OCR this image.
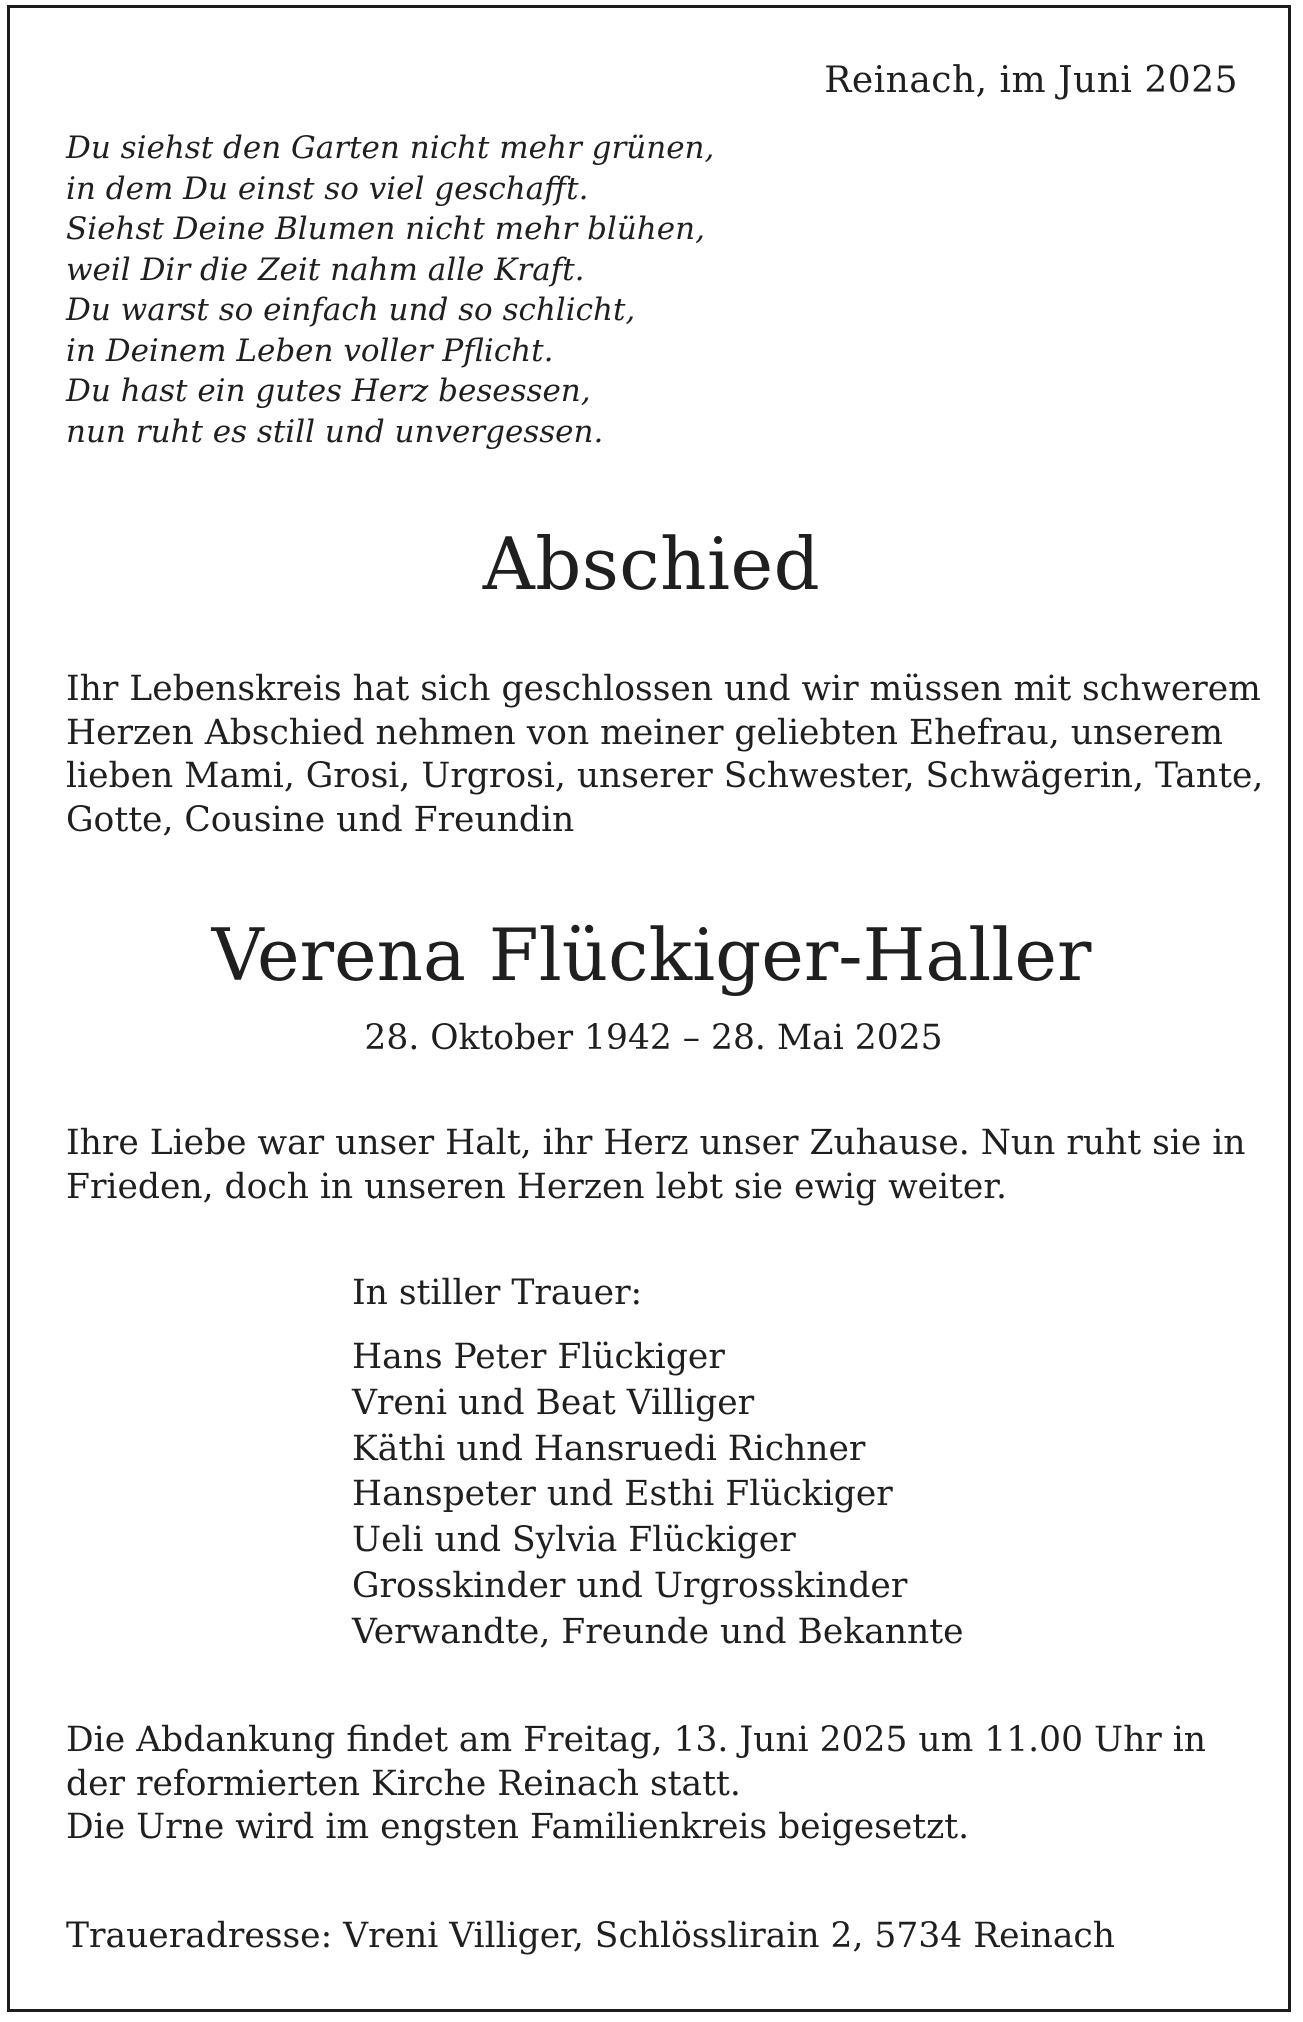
Reinach, im Juni 2025
Du siehst den Garten nicht mehr grünen,
in dem Du einst so viel geschafft.
Siehst Deine Blumen nicht mehr blühen,
weil Dir die Zeit nahm alle Kraft.
Du warst so einfach und so schlicht,
in Deinem Leben voller Pflicht.
Du hast ein gutes Herz besessen,
nun ruht es still und unvergessen.
Abschied
Ihr Lebenskreis hat sich geschlossen und wir müssen mit schwerem
Herzen Abschied nehmen von meiner geliebten Ehefrau, unserem
lieben Mami, Grosi, Urgrosi, unserer Schwester, Schwägerin, Tante,
Gotte, Cousine und Freundin
Verena Flückiger-Haller
28. Oktober 1942 – 28. Mai 2025
Ihre Liebe war unser Halt, ihr Herz unser Zuhause. Nun ruht sie in
Frieden, doch in unseren Herzen lebt sie ewig weiter.
In stiller Trauer:
Hans Peter Flückiger
Vreni und Beat Villiger
Käthi und Hansruedi Richner
Hanspeter und Esthi Flückiger
Ueli und Sylvia Flückiger
Grosskinder und Urgrosskinder
Verwandte, Freunde und Bekannte
Die Abdankung findet am Freitag, 13. Juni 2025 um 11.00 Uhr in
der reformierten Kirche Reinach statt.
Die Urne wird im engsten Familienkreis beigesetzt.
Traueradresse: Vreni Villiger, Schlösslirain 2, 5734 Reinach
